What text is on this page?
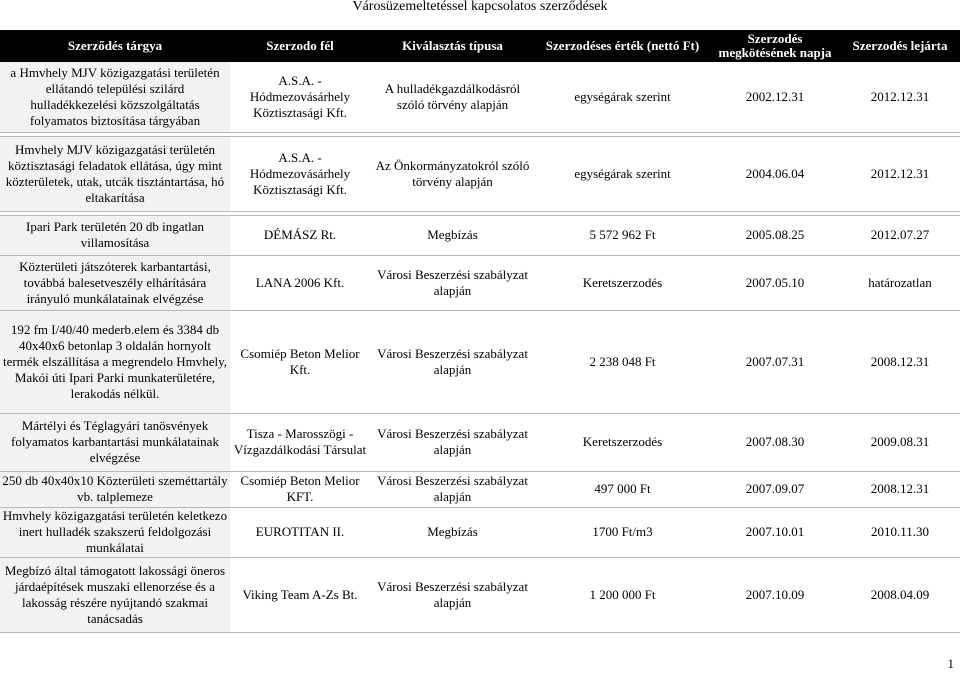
Városüzemeltetéssel kapcsolatos szerződések
Szerződés tárgya	Szerzodo fél	Kiválasztás típusa	Szerzodéses érték (nettó Ft)	Szerzodés megkötésének napja	Szerzodés lejárta
a Hmvhely MJV közigazgatási területén ellátandó települési szilárd hulladékkezelési közszolgáltatás folyamatos biztosítása tárgyában	A.S.A. - Hódmezovásárhely Köztisztasági Kft.	A hulladékgazdálkodásról szóló törvény alapján	egységárak szerint	2002.12.31	2012.12.31

Hmvhely MJV közigazgatási területén köztisztasági feladatok ellátása, úgy mint közterületek, utak, utcák tisztántartása, hó eltakarítása	A.S.A. - Hódmezovásárhely Köztisztasági Kft.	Az Önkormányzatokról szóló törvény alapján	egységárak szerint	2004.06.04	2012.12.31

Ipari Park területén 20 db ingatlan villamosítása	DÉMÁSZ Rt.	Megbízás	5 572 962 Ft	2005.08.25	2012.07.27
Közterületi játszóterek karbantartási, továbbá balesetveszély elhárítására irányuló munkálatainak elvégzése	LANA 2006 Kft.	Városi Beszerzési szabályzat alapján	Keretszerzodés	2007.05.10	határozatlan
192 fm I/40/40 mederb.elem és 3384 db 40x40x6 betonlap 3 oldalán hornyolt termék elszállítása a megrendelo Hmvhely, Makói úti Ipari Parki munkaterületére, lerakodás nélkül.	Csomiép Beton Melior Kft.	Városi Beszerzési szabályzat alapján	2 238 048 Ft	2007.07.31	2008.12.31
Mártélyi és Téglagyári tanösvények folyamatos karbantartási munkálatainak elvégzése	Tisza - Marosszögi - Vízgazdálkodási Társulat	Városi Beszerzési szabályzat alapján	Keretszerzodés	2007.08.30	2009.08.31
250 db 40x40x10 Közterületi szeméttartály vb. talplemeze	Csomiép Beton Melior KFT.	Városi Beszerzési szabályzat alapján	497 000 Ft	2007.09.07	2008.12.31
Hmvhely közigazgatási területén keletkezo inert hulladék szakszerú feldolgozási munkálatai	EUROTITAN II.	Megbízás	1700 Ft/m3	2007.10.01	2010.11.30
Megbízó által támogatott lakossági öneros járdaépítések muszaki ellenorzése és a lakosság részére nyújtandó szakmai tanácsadás	Viking Team A-Zs Bt.	Városi Beszerzési szabályzat alapján	1 200 000 Ft	2007.10.09	2008.04.09
1
